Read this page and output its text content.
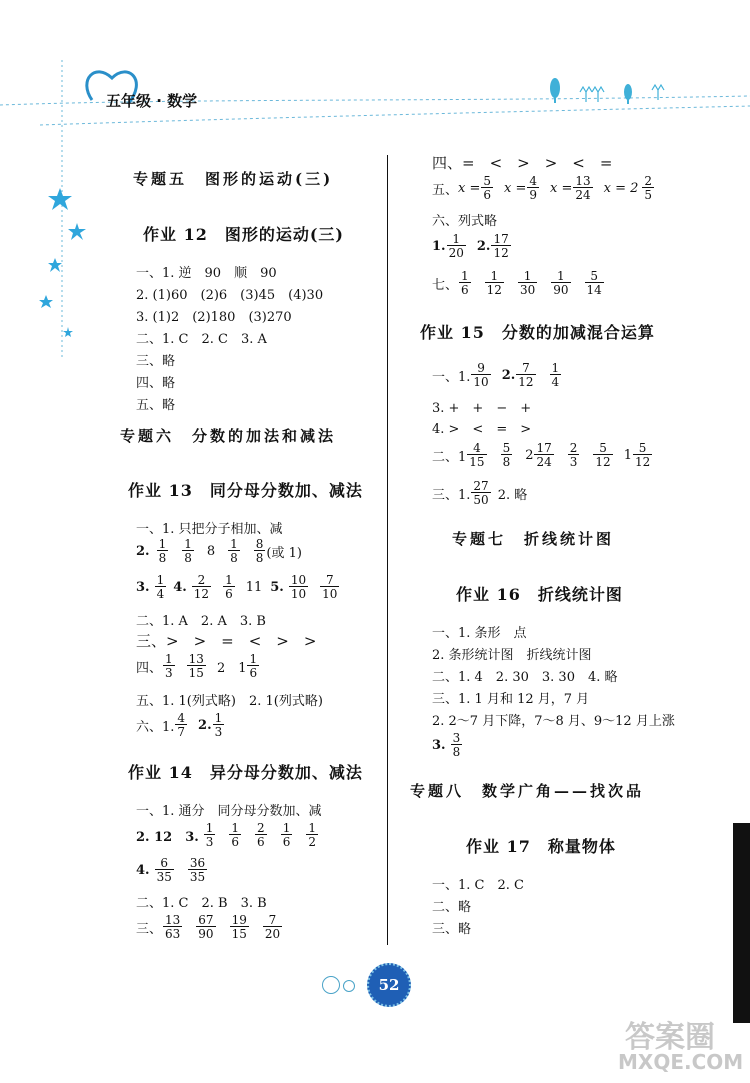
五年级 · 数学
专题五　图形的运动(三)
作业 12　图形的运动(三)
一、1. 逆　90　顺　90
2. (1)60　(2)6　(3)45　(4)30
3. (1)2　(2)180　(3)270
二、1. C　2. C　3. A
三、略
四、略
五、略
专题六　分数的加法和减法
作业 13　同分母分数加、减法
一、1. 只把分子相加、减
2. $\frac{1}{8} \frac{1}{8} 8 \frac{1}{8} \frac{8}{8}$ (或 1)
3. $\frac{1}{4} 4$. $\frac{2}{12} \frac{1}{6} 11$ 5. $\frac{10}{10} \frac{7}{10}$
二、1. A　2. A　3. B
三、>　>　=　<　>　>
四、 $\frac{1}{3} \frac{13}{15} 2$　$1 \frac{1}{6}$
五、1. 1(列式略)　2. 1(列式略)
六、1. $\frac{4}{7} 2$. $\frac{1}{3}$
作业 14　异分母分数加、减法
一、1. 通分　同分母分数加、减
2. 12　3. $\frac{1}{3} \frac{1}{6} \frac{2}{6} \frac{1}{6} \frac{1}{2}$
4. $\frac{6}{35} \frac{36}{35}$
二、1. C　2. B　3. B
三、 $\frac{13}{63} \frac{67}{90} \frac{19}{15} \frac{7}{20}$
四、=　<　>　>　<　=
五、 $x = \frac{5}{6}$ $x = \frac{4}{9}$ $x = \frac{13}{24}$ $x = 2 \frac{2}{5}$
六、列式略
1. $\frac{1}{20} 2$. $\frac{17}{12}$
七、 $\frac{1}{6} \frac{1}{12} \frac{1}{30} \frac{1}{90} \frac{5}{14}$
作业 15　分数的加减混合运算
一、1. $\frac{9}{10} 2$. $\frac{7}{12} \frac{1}{4}$
3. +　+　−　+
4. >　<　=　>
二、$1 \frac{4}{15} \frac{5}{8} 2 \frac{17}{24} \frac{2}{3} \frac{5}{12} 1 \frac{5}{12}$
三、1. $\frac{27}{50} 2$. 略
专题七　折线统计图
作业 16　折线统计图
一、1. 条形　点
2. 条形统计图　折线统计图
二、1. 4　2. 30　3. 30　4. 略
三、1. 1 月和 12 月，7 月
2. 2～7 月下降，7～8 月、9～12 月上涨
3. $\frac{3}{8}$
专题八　数学广角——找次品
作业 17　称量物体
一、1. C　2. C
二、略
三、略
52
答案圈
MXQE.COM
